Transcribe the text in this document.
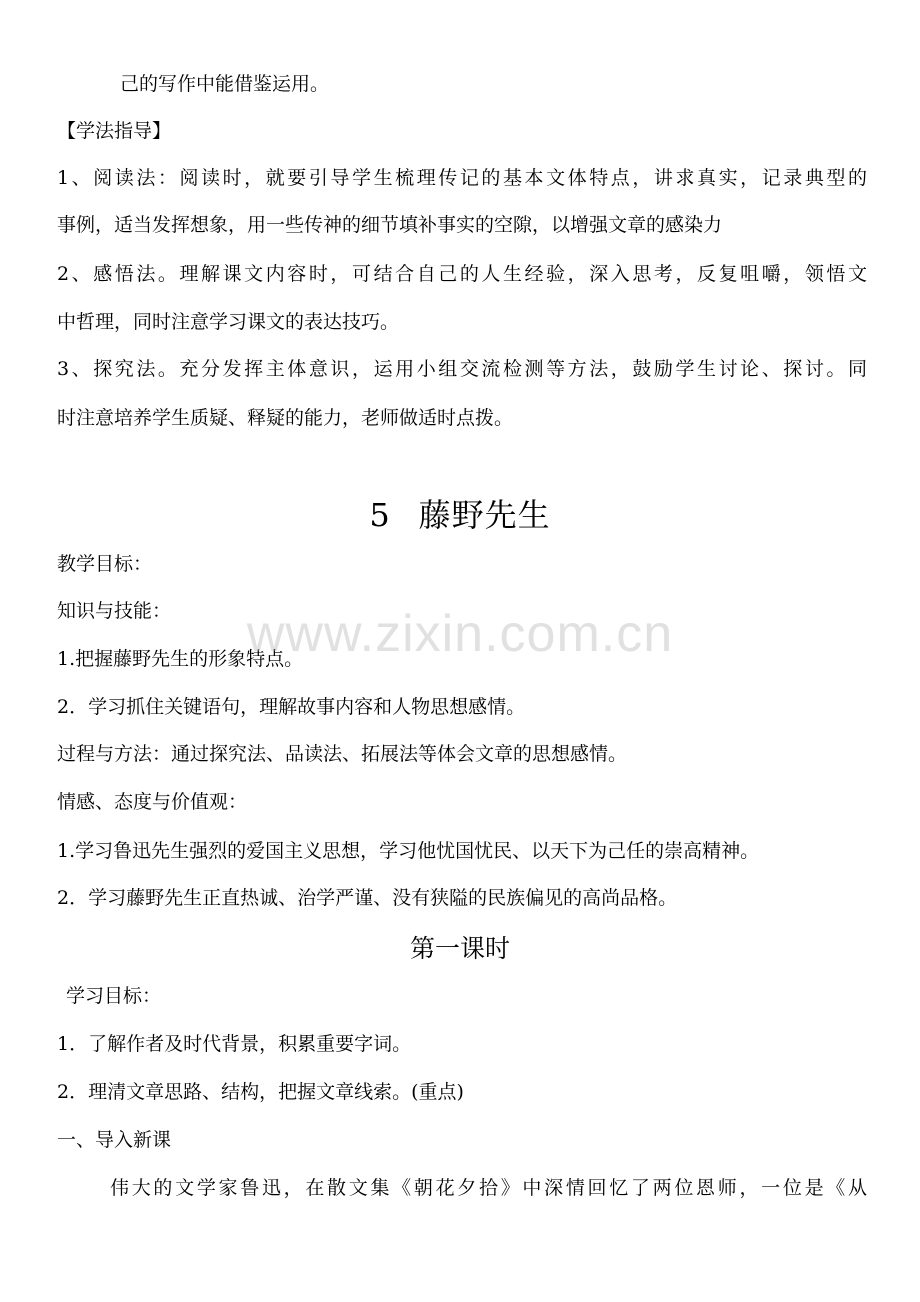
己的写作中能借鉴运用。
【学法指导】
1、阅读法：阅读时，就要引导学生梳理传记的基本文体特点，讲求真实，记录典型的
事例，适当发挥想象，用一些传神的细节填补事实的空隙，以增强文章的感染力
2、感悟法。理解课文内容时，可结合自己的人生经验，深入思考，反复咀嚼，领悟文
中哲理，同时注意学习课文的表达技巧。
3、探究法。充分发挥主体意识，运用小组交流检测等方法，鼓励学生讨论、探讨。同
时注意培养学生质疑、释疑的能力，老师做适时点拨。
5 藤野先生
教学目标：
知识与技能：
1.把握藤野先生的形象特点。
2．学习抓住关键语句，理解故事内容和人物思想感情。
过程与方法：通过探究法、品读法、拓展法等体会文章的思想感情。
情感、态度与价值观：
1.学习鲁迅先生强烈的爱国主义思想，学习他忧国忧民、以天下为己任的崇高精神。
2．学习藤野先生正直热诚、治学严谨、没有狭隘的民族偏见的高尚品格。
第一课时
学习目标：
1．了解作者及时代背景，积累重要字词。
2．理清文章思路、结构，把握文章线索。(重点)
一、导入新课
伟大的文学家鲁迅，在散文集《朝花夕拾》中深情回忆了两位恩师，一位是《从
www.zixin.com.cn
